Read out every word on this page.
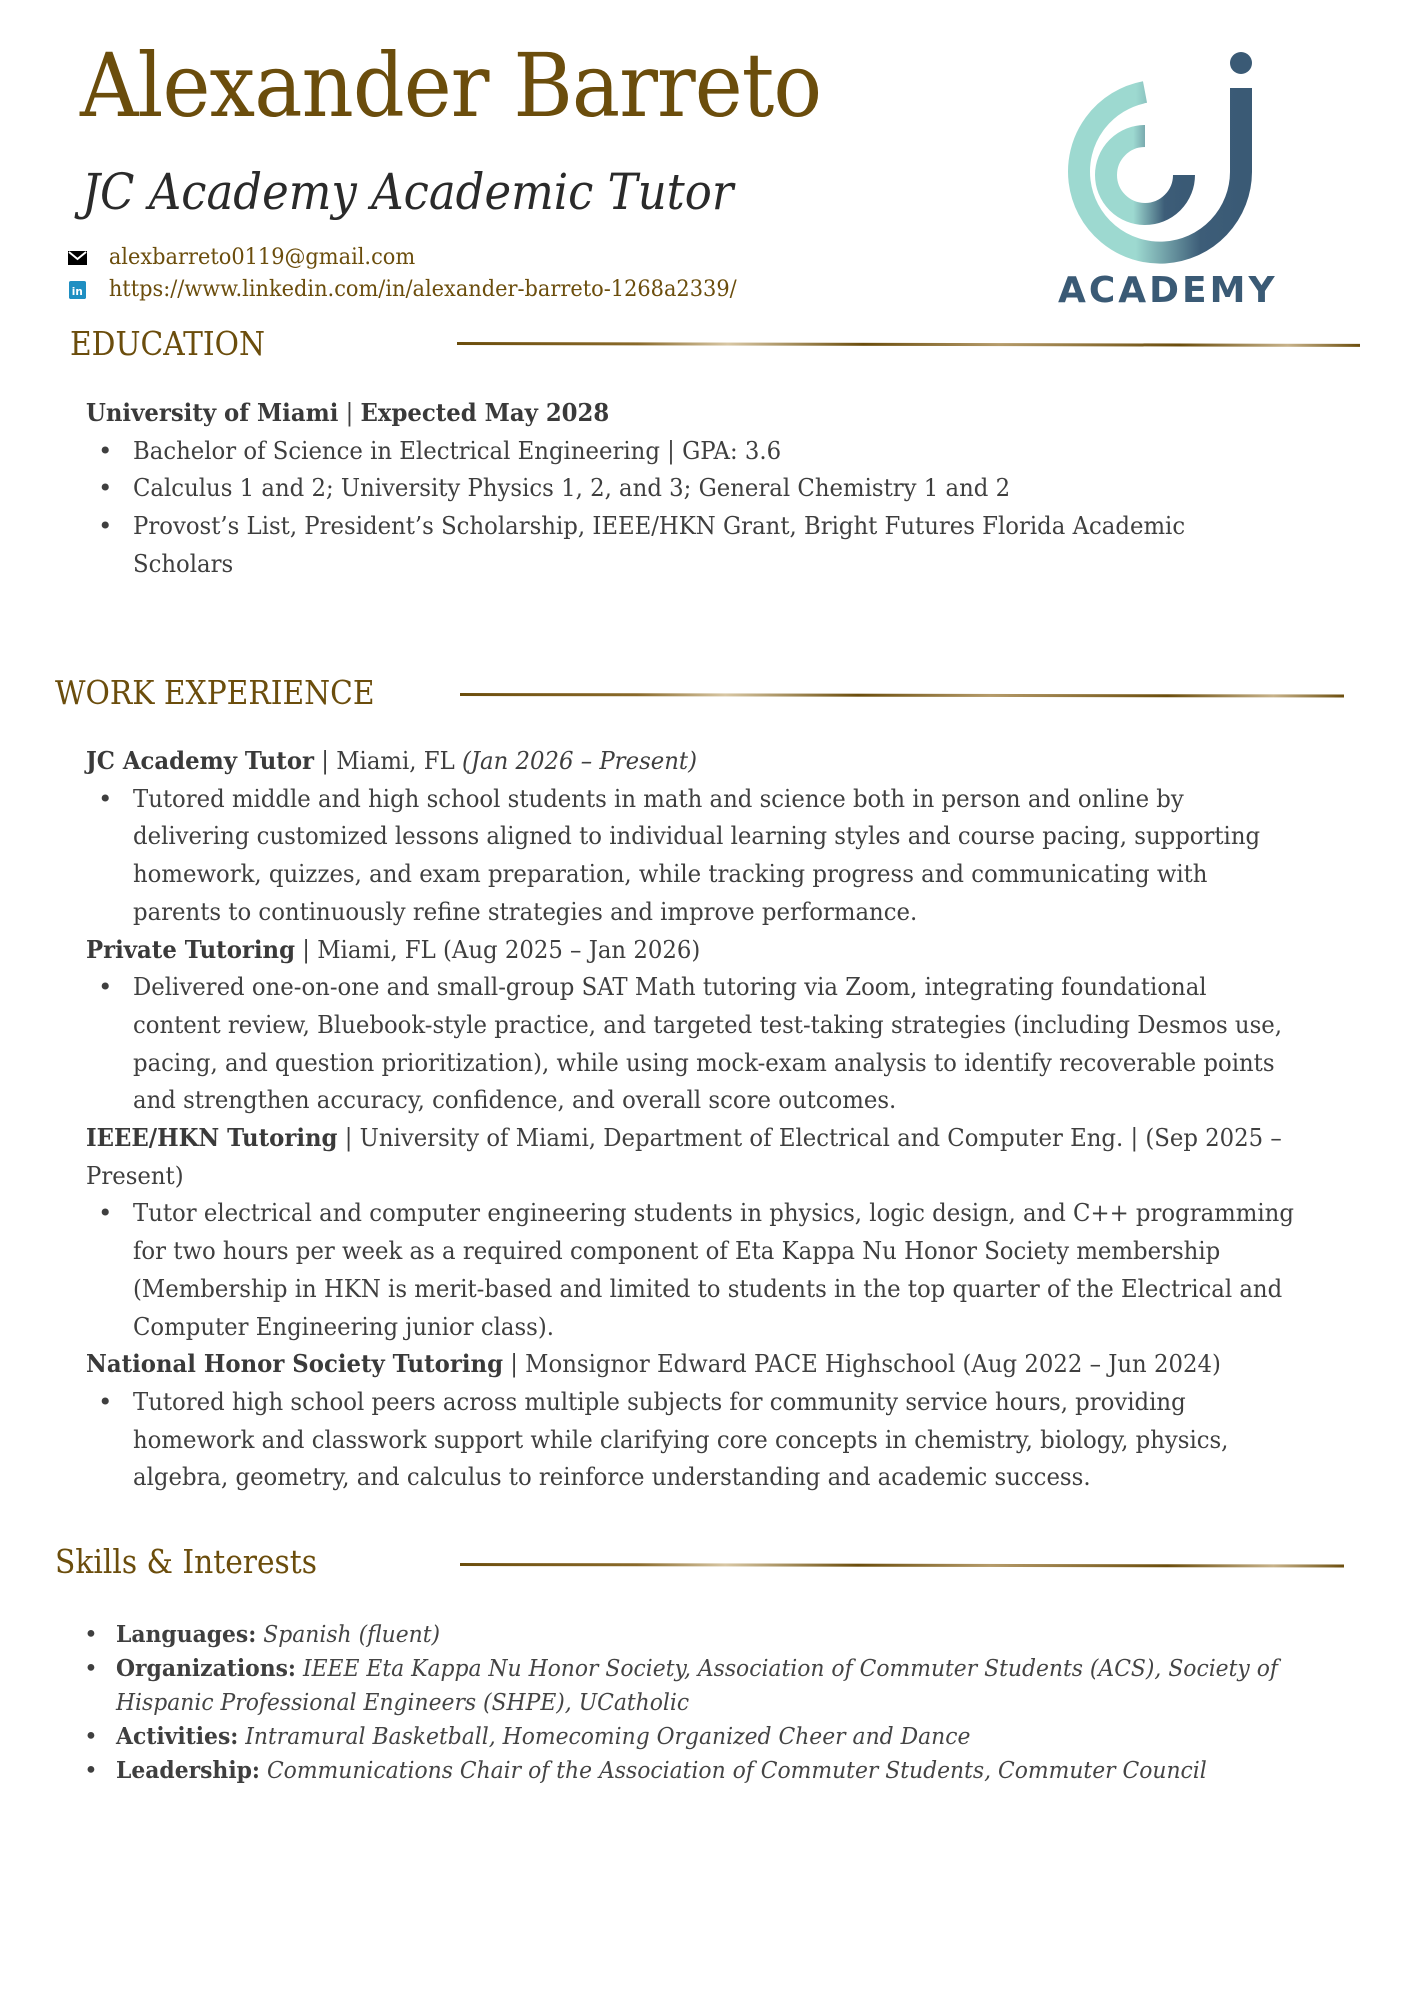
Alexander Barreto
JC Academy Academic Tutor
alexbarreto0119@gmail.com
in https://www.linkedin.com/in/alexander-barreto-1268a2339/	ACADEMY
EDUCATION
University of Miami | Expected May 2028
• Bachelor of Science in Electrical Engineering | GPA: 3.6
• Calculus 1 and 2; University Physics 1, 2, and 3; General Chemistry 1 and 2
• Provost’s List, President’s Scholarship, IEEE/HKN Grant, Bright Futures Florida Academic Scholars
WORK EXPERIENCE
JC Academy Tutor | Miami, FL (Jan 2026 – Present)
• Tutored middle and high school students in math and science both in person and online by delivering customized lessons aligned to individual learning styles and course pacing, supporting homework, quizzes, and exam preparation, while tracking progress and communicating with parents to continuously refine strategies and improve performance.
Private Tutoring | Miami, FL (Aug 2025 – Jan 2026)
• Delivered one-on-one and small-group SAT Math tutoring via Zoom, integrating foundational content review, Bluebook-style practice, and targeted test-taking strategies (including Desmos use, pacing, and question prioritization), while using mock-exam analysis to identify recoverable points and strengthen accuracy, confidence, and overall score outcomes.
IEEE/HKN Tutoring | University of Miami, Department of Electrical and Computer Eng. | (Sep 2025 – Present)
• Tutor electrical and computer engineering students in physics, logic design, and C++ programming for two hours per week as a required component of Eta Kappa Nu Honor Society membership (Membership in HKN is merit-based and limited to students in the top quarter of the Electrical and Computer Engineering junior class).
National Honor Society Tutoring | Monsignor Edward PACE Highschool (Aug 2022 – Jun 2024)
• Tutored high school peers across multiple subjects for community service hours, providing homework and classwork support while clarifying core concepts in chemistry, biology, physics, algebra, geometry, and calculus to reinforce understanding and academic success.
Skills & Interests
• Languages: Spanish (fluent)
• Organizations: IEEE Eta Kappa Nu Honor Society, Association of Commuter Students (ACS), Society of Hispanic Professional Engineers (SHPE), UCatholic
• Activities: Intramural Basketball, Homecoming Organized Cheer and Dance
• Leadership: Communications Chair of the Association of Commuter Students, Commuter Council
